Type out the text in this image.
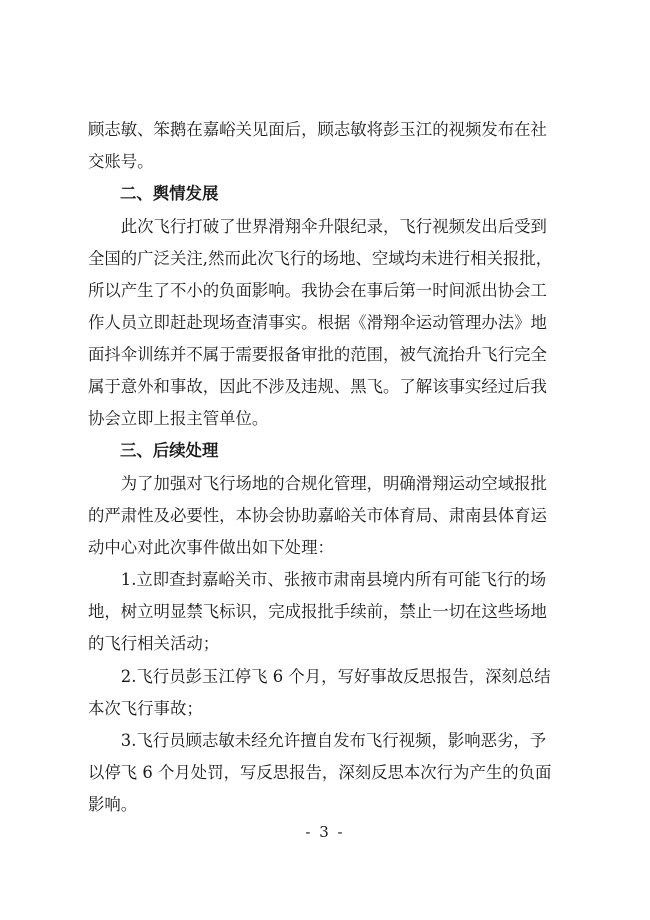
顾志敏、笨鹅在嘉峪关见面后，顾志敏将彭玉江的视频发布在社
交账号。
二、舆情发展
　　此次飞行打破了世界滑翔伞升限纪录，飞行视频发出后受到
全国的广泛关注,然而此次飞行的场地、空域均未进行相关报批，
所以产生了不小的负面影响。我协会在事后第一时间派出协会工
作人员立即赶赴现场查清事实。根据《滑翔伞运动管理办法》地
面抖伞训练并不属于需要报备审批的范围，被气流抬升飞行完全
属于意外和事故，因此不涉及违规、黑飞。了解该事实经过后我
协会立即上报主管单位。
三、后续处理
　　为了加强对飞行场地的合规化管理，明确滑翔运动空域报批
的严肃性及必要性，本协会协助嘉峪关市体育局、肃南县体育运
动中心对此次事件做出如下处理：
　　1.立即查封嘉峪关市、张掖市肃南县境内所有可能飞行的场
地，树立明显禁飞标识，完成报批手续前，禁止一切在这些场地
的飞行相关活动；
　　2.飞行员彭玉江停飞 6 个月，写好事故反思报告，深刻总结
本次飞行事故；
　　3.飞行员顾志敏未经允许擅自发布飞行视频，影响恶劣，予
以停飞 6 个月处罚，写反思报告，深刻反思本次行为产生的负面
影响。
- 3 -
